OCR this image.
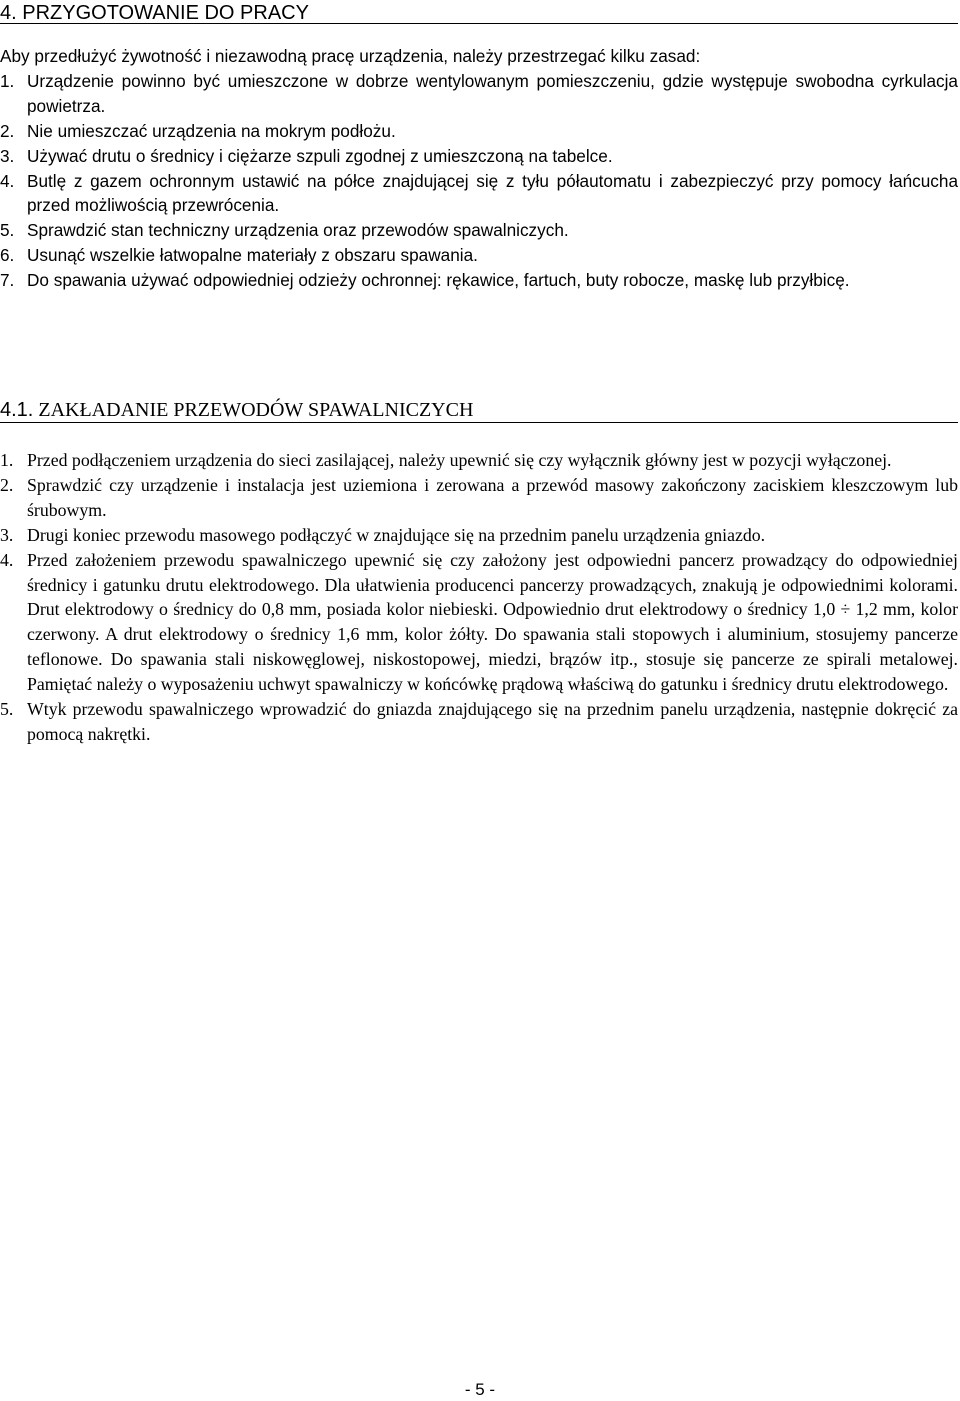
4. PRZYGOTOWANIE DO PRACY

Aby przedłużyć żywotność i niezawodną pracę urządzenia, należy przestrzegać kilku zasad:

1. Urządzenie powinno być umieszczone w dobrze wentylowanym pomieszczeniu, gdzie występuje swobodna cyrkulacja powietrza.
2. Nie umieszczać urządzenia na mokrym podłożu.
3. Używać drutu o średnicy i ciężarze szpuli zgodnej z umieszczoną na tabelce.
4. Butlę z gazem ochronnym ustawić na półce znajdującej się z tyłu półautomatu i zabezpieczyć przy pomocy łańcucha przed możliwością przewrócenia.
5. Sprawdzić stan techniczny urządzenia oraz przewodów spawalniczych.
6. Usunąć wszelkie łatwopalne materiały z obszaru spawania.
7. Do spawania używać odpowiedniej odzieży ochronnej: rękawice, fartuch, buty robocze, maskę lub przyłbicę.
4.1. ZAKŁADANIE PRZEWODÓW SPAWALNICZYCH
1. Przed podłączeniem urządzenia do sieci zasilającej, należy upewnić się czy wyłącznik główny jest w pozycji wyłączonej.
2. Sprawdzić czy urządzenie i instalacja jest uziemiona i zerowana a przewód masowy zakończony zaciskiem kleszczowym lub śrubowym.
3. Drugi koniec przewodu masowego podłączyć w znajdujące się na przednim panelu urządzenia gniazdo.
4. Przed założeniem przewodu spawalniczego upewnić się czy założony jest odpowiedni pancerz prowadzący do odpowiedniej średnicy i gatunku drutu elektrodowego. Dla ułatwienia producenci pancerzy prowadzących, znakują je odpowiednimi kolorami. Drut elektrodowy o średnicy do 0,8 mm, posiada kolor niebieski. Odpowiednio drut elektrodowy o średnicy 1,0 ÷ 1,2 mm, kolor czerwony. A drut elektrodowy o średnicy 1,6 mm, kolor żółty. Do spawania stali stopowych i aluminium, stosujemy pancerze teflonowe. Do spawania stali niskowęglowej, niskostopowej, miedzi, brązów itp., stosuje się pancerze ze spirali metalowej. Pamiętać należy o wyposażeniu uchwyt spawalniczy w końcówkę prądową właściwą do gatunku i średnicy drutu elektrodowego.
5. Wtyk przewodu spawalniczego wprowadzić do gniazda znajdującego się na przednim panelu urządzenia, następnie dokręcić za pomocą nakrętki.
- 5 -
